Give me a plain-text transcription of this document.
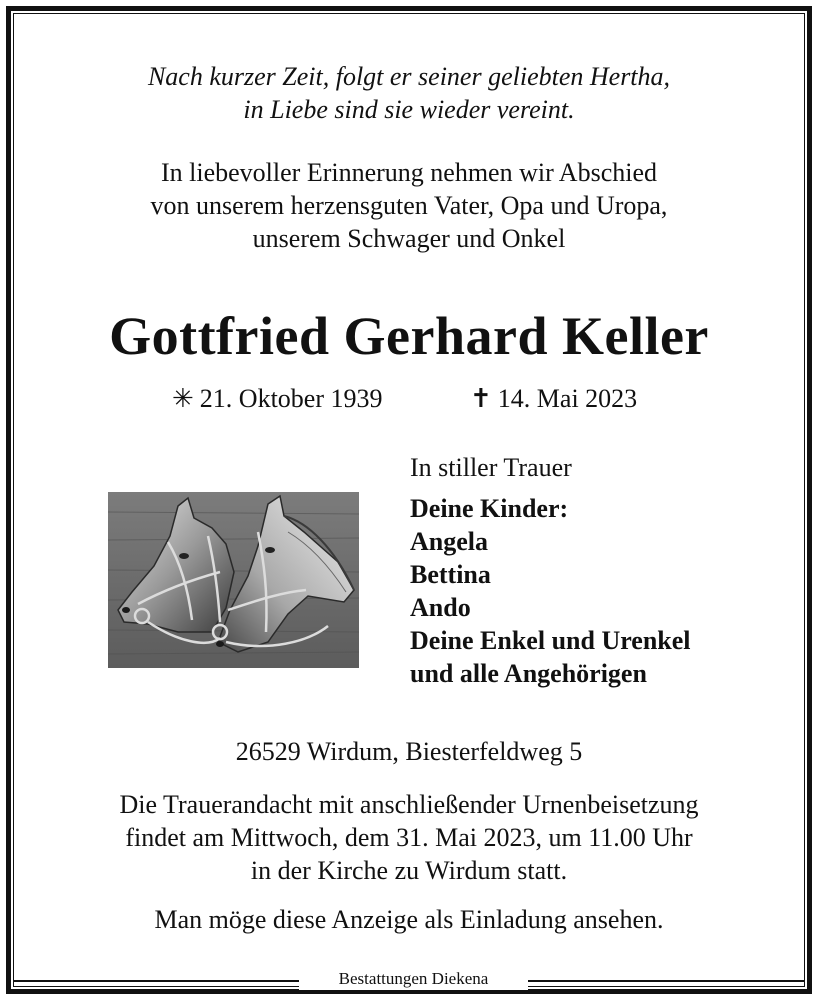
Nach kurzer Zeit, folgt er seiner geliebten Hertha,
in Liebe sind sie wieder vereint.
In liebevoller Erinnerung nehmen wir Abschied
von unserem herzensguten Vater, Opa und Uropa,
unserem Schwager und Onkel
Gottfried Gerhard Keller
✳ 21. Oktober 1939	✝ 14. Mai 2023
In stiller Trauer
Deine Kinder:
Angela
Bettina
Ando
Deine Enkel und Urenkel
und alle Angehörigen
26529 Wirdum, Biesterfeldweg 5
Die Trauerandacht mit anschließender Urnenbeisetzung
findet am Mittwoch, dem 31. Mai 2023, um 11.00 Uhr
in der Kirche zu Wirdum statt.
Man möge diese Anzeige als Einladung ansehen.
Bestattungen Diekena
